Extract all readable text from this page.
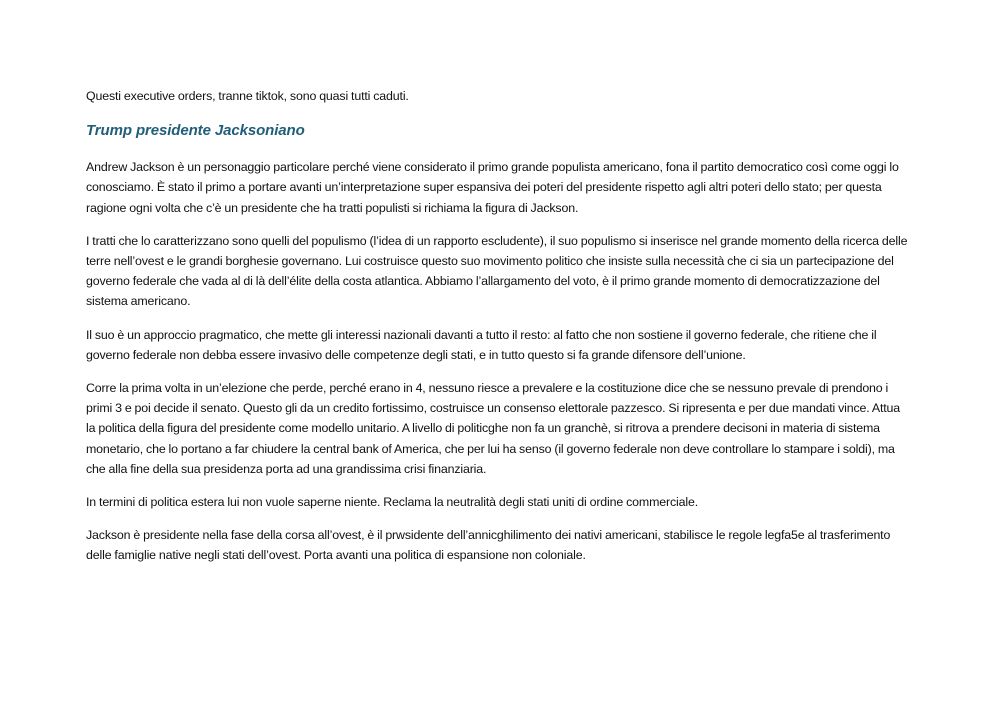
Questi executive orders, tranne tiktok, sono quasi tutti caduti.

Trump presidente Jacksoniano

Andrew Jackson è un personaggio particolare perché viene considerato il primo grande populista americano, fona il partito democratico così come oggi lo conosciamo. È stato il primo a portare avanti un’interpretazione super espansiva dei poteri del presidente rispetto agli altri poteri dello stato; per questa ragione ogni volta che c’è un presidente che ha tratti populisti si richiama la figura di Jackson.

I tratti che lo caratterizzano sono quelli del populismo (l’idea di un rapporto escludente), il suo populismo si inserisce nel grande momento della ricerca delle terre nell’ovest e le grandi borghesie governano. Lui costruisce questo suo movimento politico che insiste sulla necessità che ci sia un partecipazione del governo federale che vada al di là dell’élite della costa atlantica. Abbiamo l’allargamento del voto, è il primo grande momento di democratizzazione del sistema americano.

Il suo è un approccio pragmatico, che mette gli interessi nazionali davanti a tutto il resto: al fatto che non sostiene il governo federale, che ritiene che il governo federale non debba essere invasivo delle competenze degli stati, e in tutto questo si fa grande difensore dell’unione.

Corre la prima volta in un’elezione che perde, perché erano in 4, nessuno riesce a prevalere e la costituzione dice che se nessuno prevale di prendono i primi 3 e poi decide il senato. Questo gli da un credito fortissimo, costruisce un consenso elettorale pazzesco. Si ripresenta e per due mandati vince. Attua la politica della figura del presidente come modello unitario. A livello di politicghe non fa un granchè, si ritrova a prendere decisoni in materia di sistema monetario, che lo portano a far chiudere la central bank of America, che per lui ha senso (il governo federale non deve controllare lo stampare i soldi), ma che alla fine della sua presidenza porta ad una grandissima crisi finanziaria.

In termini di politica estera lui non vuole saperne niente. Reclama la neutralità degli stati uniti di ordine commerciale.

Jackson è presidente nella fase della corsa all’ovest, è il prwsidente dell’annicghilimento dei nativi americani, stabilisce le regole legfa5e al trasferimento delle famiglie native negli stati dell’ovest. Porta avanti una politica di espansione non coloniale.
